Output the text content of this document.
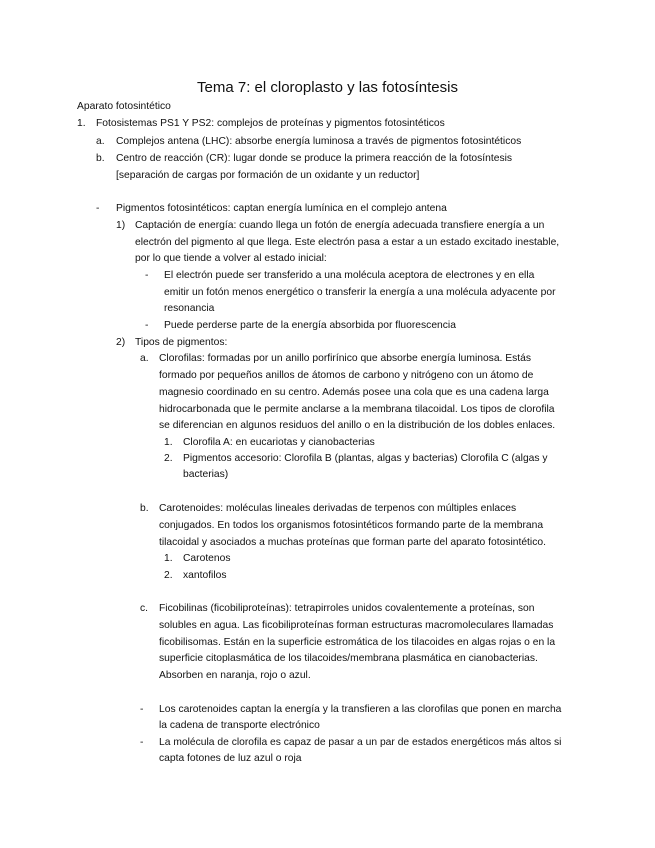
Tema 7: el cloroplasto y las fotosíntesis
Aparato fotosintético
1. Fotosistemas PS1 Y PS2: complejos de proteínas y pigmentos fotosintéticos
a. Complejos antena (LHC): absorbe energía luminosa a través de pigmentos fotosintéticos
b. Centro de reacción (CR): lugar donde se produce la primera reacción de la fotosíntesis
[separación de cargas por formación de un oxidante y un reductor]
- Pigmentos fotosintéticos: captan energía lumínica en el complejo antena
1) Captación de energía: cuando llega un fotón de energía adecuada transfiere energía a un
electrón del pigmento al que llega. Este electrón pasa a estar a un estado excitado inestable,
por lo que tiende a volver al estado inicial:
- El electrón puede ser transferido a una molécula aceptora de electrones y en ella
emitir un fotón menos energético o transferir la energía a una molécula adyacente por
resonancia
- Puede perderse parte de la energía absorbida por fluorescencia
2) Tipos de pigmentos:
a. Clorofilas: formadas por un anillo porfirínico que absorbe energía luminosa. Estás
formado por pequeños anillos de átomos de carbono y nitrógeno con un átomo de
magnesio coordinado en su centro. Además posee una cola que es una cadena larga
hidrocarbonada que le permite anclarse a la membrana tilacoidal. Los tipos de clorofila
se diferencian en algunos residuos del anillo o en la distribución de los dobles enlaces.
1. Clorofila A: en eucariotas y cianobacterias
2. Pigmentos accesorio: Clorofila B (plantas, algas y bacterias) Clorofila C (algas y
bacterias)
b. Carotenoides: moléculas lineales derivadas de terpenos con múltiples enlaces
conjugados. En todos los organismos fotosintéticos formando parte de la membrana
tilacoidal y asociados a muchas proteínas que forman parte del aparato fotosintético.
1. Carotenos
2. xantofilos
c. Ficobilinas (ficobiliproteínas): tetrapirroles unidos covalentemente a proteínas, son
solubles en agua. Las ficobiliproteínas forman estructuras macromoleculares llamadas
ficobilisomas. Están en la superficie estromática de los tilacoides en algas rojas o en la
superficie citoplasmática de los tilacoides/membrana plasmática en cianobacterias.
Absorben en naranja, rojo o azul.
- Los carotenoides captan la energía y la transfieren a las clorofilas que ponen en marcha
la cadena de transporte electrónico
- La molécula de clorofila es capaz de pasar a un par de estados energéticos más altos si
capta fotones de luz azul o roja
